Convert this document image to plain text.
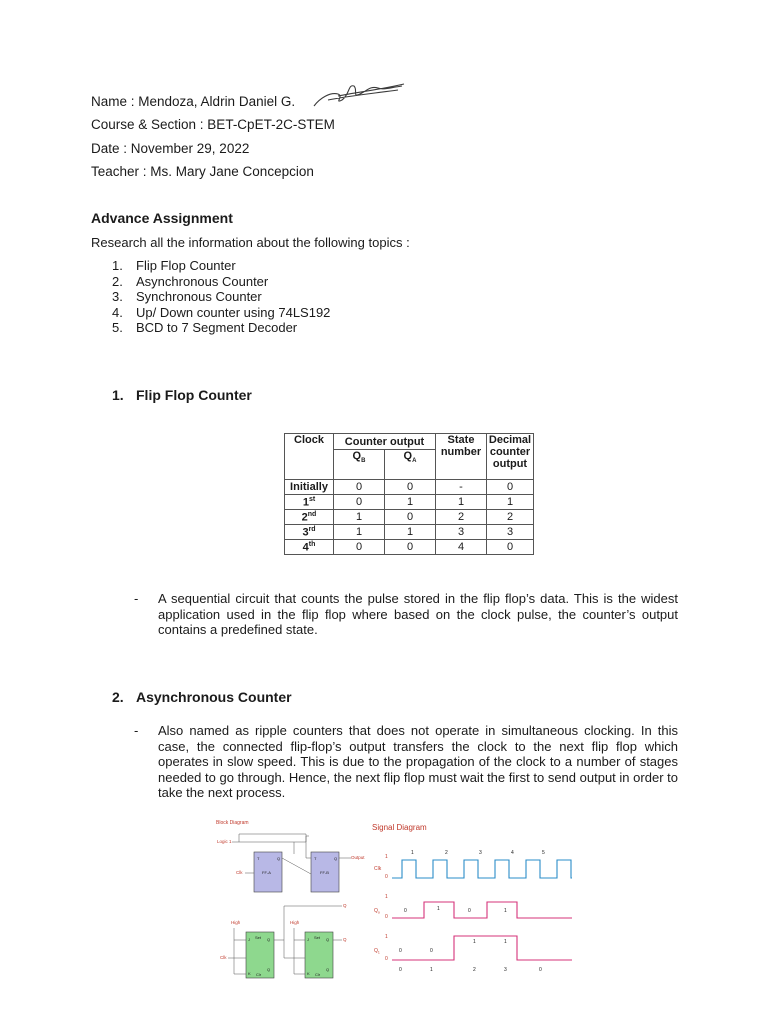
Name : Mendoza, Aldrin Daniel G.
Course & Section : BET-CpET-2C-STEM
Date : November 29, 2022
Teacher : Ms. Mary Jane Concepcion
Advance Assignment
Research all the information about the following topics :
1. Flip Flop Counter
2. Asynchronous Counter
3. Synchronous Counter
4. Up/ Down counter using 74LS192
5. BCD to 7 Segment Decoder
1. Flip Flop Counter
Clock	Counter output		State number	Decimal counter output
	$Q_B$	$Q_A$
Initially	0	0	-	0
1st	0	1	1	1
2nd	1	0	2	2
3rd	1	1	3	3
4th	0	0	4	0
- A sequential circuit that counts the pulse stored in the flip flop’s data. This is the widest application used in the flip flop where based on the clock pulse, the counter’s output contains a predefined state.
2. Asynchronous Counter
- Also named as ripple counters that does not operate in simultaneous clocking. In this case, the connected flip-flop’s output transfers the clock to the next flip flop which operates in slow speed. This is due to the propagation of the clock to a number of stages needed to go through. Hence, the next flip flop must wait the first to send output in order to take the next process.
Block Diagram
Logic 1
T	Q	T	Q
FF-A	FF-B
Clk
Output
High	High
J	J
K	K
Set	Set
Clr	Clr
Q	Q
Q	Q
Clk
Q
Q
Signal Diagram
1
Clk
0
1	2	3	4	5
1
$Q_o$
0
0	1	0	1
1
$Q_1$
0
0	0
1	1
0	1	2	3	0
